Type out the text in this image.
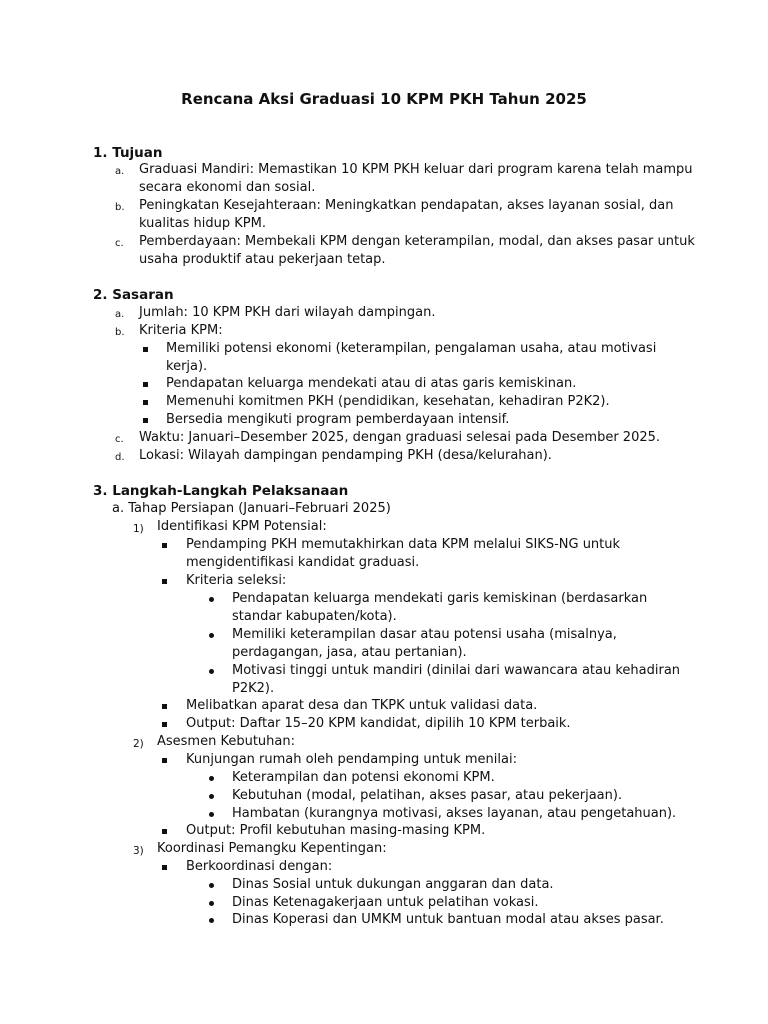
Rencana Aksi Graduasi 10 KPM PKH Tahun 2025
1. Tujuan
a. Graduasi Mandiri: Memastikan 10 KPM PKH keluar dari program karena telah mampu
secara ekonomi dan sosial.
b. Peningkatan Kesejahteraan: Meningkatkan pendapatan, akses layanan sosial, dan
kualitas hidup KPM.
c. Pemberdayaan: Membekali KPM dengan keterampilan, modal, dan akses pasar untuk
usaha produktif atau pekerjaan tetap.
2. Sasaran
a. Jumlah: 10 KPM PKH dari wilayah dampingan.
b. Kriteria KPM:
Memiliki potensi ekonomi (keterampilan, pengalaman usaha, atau motivasi
kerja).
Pendapatan keluarga mendekati atau di atas garis kemiskinan.
Memenuhi komitmen PKH (pendidikan, kesehatan, kehadiran P2K2).
Bersedia mengikuti program pemberdayaan intensif.
c. Waktu: Januari–Desember 2025, dengan graduasi selesai pada Desember 2025.
d. Lokasi: Wilayah dampingan pendamping PKH (desa/kelurahan).
3. Langkah-Langkah Pelaksanaan
a. Tahap Persiapan (Januari–Februari 2025)
1) Identifikasi KPM Potensial:
Pendamping PKH memutakhirkan data KPM melalui SIKS-NG untuk
mengidentifikasi kandidat graduasi.
Kriteria seleksi:
Pendapatan keluarga mendekati garis kemiskinan (berdasarkan
standar kabupaten/kota).
Memiliki keterampilan dasar atau potensi usaha (misalnya,
perdagangan, jasa, atau pertanian).
Motivasi tinggi untuk mandiri (dinilai dari wawancara atau kehadiran
P2K2).
Melibatkan aparat desa dan TKPK untuk validasi data.
Output: Daftar 15–20 KPM kandidat, dipilih 10 KPM terbaik.
2) Asesmen Kebutuhan:
Kunjungan rumah oleh pendamping untuk menilai:
Keterampilan dan potensi ekonomi KPM.
Kebutuhan (modal, pelatihan, akses pasar, atau pekerjaan).
Hambatan (kurangnya motivasi, akses layanan, atau pengetahuan).
Output: Profil kebutuhan masing-masing KPM.
3) Koordinasi Pemangku Kepentingan:
Berkoordinasi dengan:
Dinas Sosial untuk dukungan anggaran dan data.
Dinas Ketenagakerjaan untuk pelatihan vokasi.
Dinas Koperasi dan UMKM untuk bantuan modal atau akses pasar.
